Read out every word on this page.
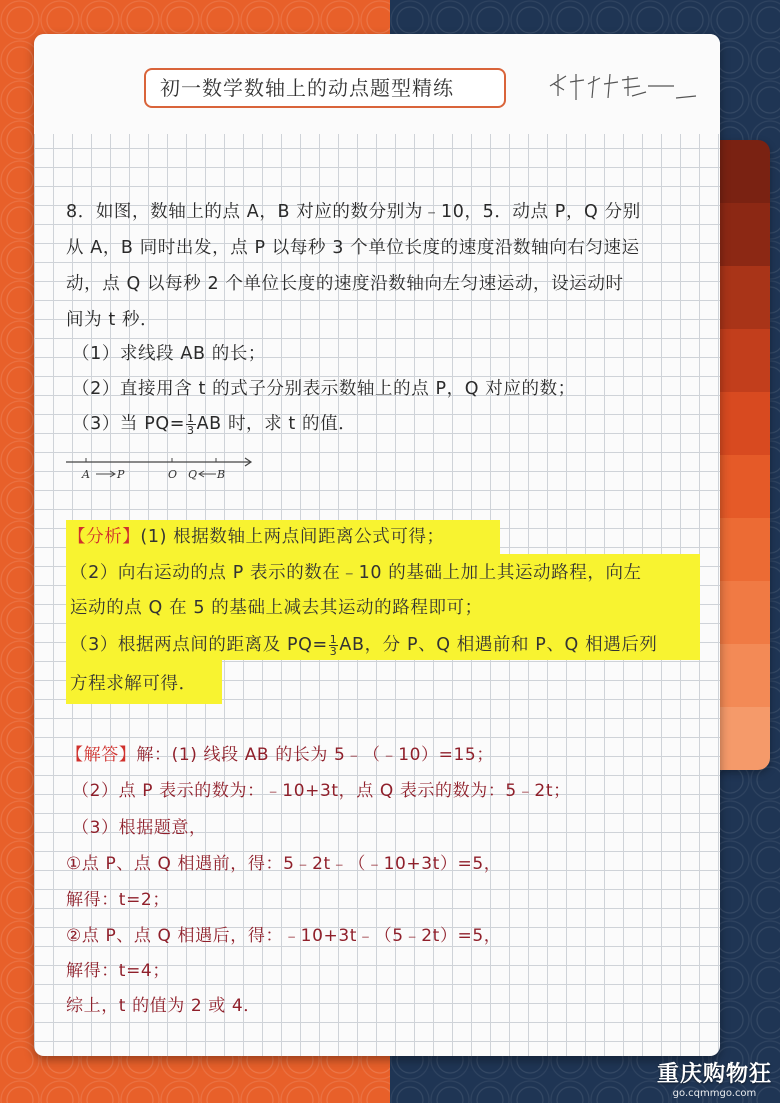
初一数学数轴上的动点题型精练
8．如图，数轴上的点 A，B 对应的数分别为﹣10，5．动点 P，Q 分别
从 A，B 同时出发，点 P 以每秒 3 个单位长度的速度沿数轴向右匀速运
动，点 Q 以每秒 2 个单位长度的速度沿数轴向左匀速运动，设运动时
间为 t 秒．
（1）求线段 AB 的长；
（2）直接用含 t 的式子分别表示数轴上的点 P，Q 对应的数；
（3）当 $PQ= \frac{1}{3}$ AB 时，求 t 的值．
A P	O Q B
【分析】(1) 根据数轴上两点间距离公式可得；
（2）向右运动的点 P 表示的数在﹣10 的基础上加上其运动路程，向左
运动的点 Q 在 5 的基础上减去其运动的路程即可；
（3）根据两点间的距离及 $PQ= \frac{1}{3}$ AB，分 P、Q 相遇前和 P、Q 相遇后列
方程求解可得．
【解答】解：(1) 线段 AB 的长为 5﹣（﹣10）=15；
（2）点 P 表示的数为：﹣10+3t，点 Q 表示的数为：5﹣2t；
（3）根据题意，
①点 P、点 Q 相遇前，得：5﹣2t﹣（﹣10+3t）=5，
解得：t=2；
②点 P、点 Q 相遇后，得：﹣10+3t﹣（5﹣2t）=5，
解得：t=4；
综上，t 的值为 2 或 4．
重庆购物狂
go.cqmmgo.com
